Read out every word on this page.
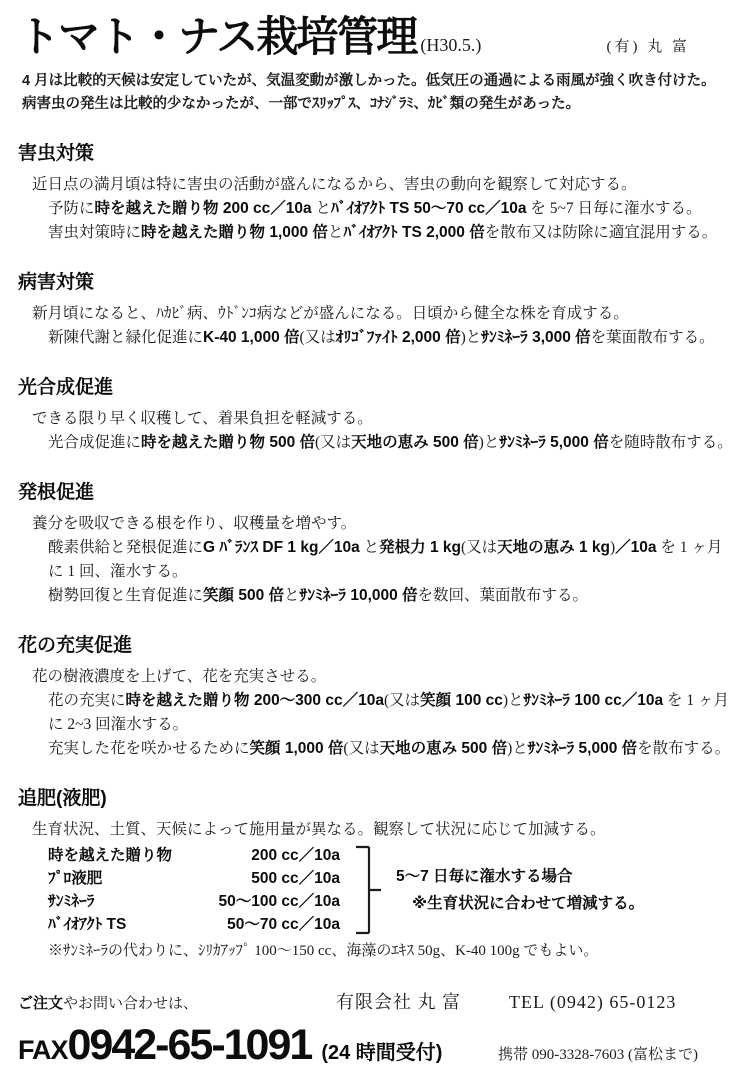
トマト・ナス栽培管理 (H30.5.)	(有) 丸 富
4 月は比較的天候は安定していたが、気温変動が激しかった。低気圧の通過による雨風が強く吹き付けた。
病害虫の発生は比較的少なかったが、一部でｽﾘｯﾌﾟｽ、ｺﾅｼﾞﾗﾐ、ｶﾋﾞ類の発生があった。
害虫対策
近日点の満月頃は特に害虫の活動が盛んになるから、害虫の動向を観察して対応する。
予防に時を越えた贈り物 200 cc／10a とﾊﾞｲｵｱｸﾄ TS 50～70 cc／10a を 5~7 日毎に潅水する。
害虫対策時に時を越えた贈り物 1,000 倍とﾊﾞｲｵｱｸﾄ TS 2,000 倍を散布又は防除に適宜混用する。
病害対策
新月頃になると、ﾊｶﾋﾞ病、ｳﾄﾞﾝｺ病などが盛んになる。日頃から健全な株を育成する。
新陳代謝と緑化促進にK-40 1,000 倍(又はｵﾘｺﾞﾌｧｲﾄ 2,000 倍)とｻﾝﾐﾈｰﾗ 3,000 倍を葉面散布する。
光合成促進
できる限り早く収穫して、着果負担を軽減する。
光合成促進に時を越えた贈り物 500 倍(又は天地の恵み 500 倍)とｻﾝﾐﾈｰﾗ 5,000 倍を随時散布する。
発根促進
養分を吸収できる根を作り、収穫量を増やす。
酸素供給と発根促進にG ﾊﾞﾗﾝｽ DF 1 kg／10a と発根力 1 kg(又は天地の恵み 1 kg)／10a を 1 ヶ月
に 1 回、潅水する。
樹勢回復と生育促進に笑顔 500 倍とｻﾝﾐﾈｰﾗ 10,000 倍を数回、葉面散布する。
花の充実促進
花の樹液濃度を上げて、花を充実させる。
花の充実に時を越えた贈り物 200～300 cc／10a(又は笑顔 100 cc)とｻﾝﾐﾈｰﾗ 100 cc／10a を 1 ヶ月
に 2~3 回潅水する。
充実した花を咲かせるために笑顔 1,000 倍(又は天地の恵み 500 倍)とｻﾝﾐﾈｰﾗ 5,000 倍を散布する。
追肥(液肥)
生育状況、土質、天候によって施用量が異なる。観察して状況に応じて加減する。
時を越えた贈り物	200 cc／10a
ﾌﾟﾛ液肥	500 cc／10a
ｻﾝﾐﾈｰﾗ	50～100 cc／10a
ﾊﾞｲｵｱｸﾄ TS	50～70 cc／10a
5～7 日毎に潅水する場合
※生育状況に合わせて増減する。
※ｻﾝﾐﾈｰﾗの代わりに、ｼﾘｶｱｯﾌﾟ 100～150 cc、海藻のｴｷｽ 50g、K-40 100g でもよい。
ご注文やお問い合わせは、	有限会社 丸 富	TEL (0942) 65-0123
FAX 0942-65-1091 (24 時間受付)	携帯 090-3328-7603 (富松まで)
